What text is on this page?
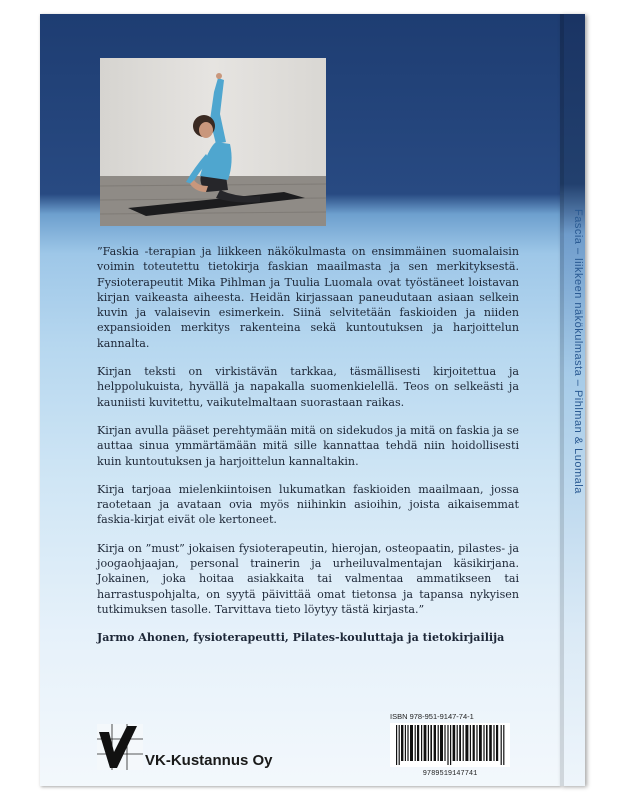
Fascia – liikkeen näkökulmasta – Pihlman & Luomala

”Faskia -terapian ja liikkeen näkökulmasta on ensimmäinen suomalaisin voimin toteutettu tietokirja faskian maailmasta ja sen merkityksestä. Fysioterapeutit Mika Pihlman ja Tuulia Luomala ovat työstäneet loistavan kirjan vaikeasta aiheesta. Heidän kirjassaan paneudutaan asiaan selkein kuvin ja valaisevin esimerkein. Siinä selvitetään faskioiden ja niiden expansioiden merkitys rakenteina sekä kuntoutuksen ja harjoittelun kannalta.

Kirjan teksti on virkistävän tarkkaa, täsmällisesti kirjoitettua ja helppolukuista, hyvällä ja napakalla suomenkielellä. Teos on selkeästi ja kauniisti kuvitettu, vaikutelmaltaan suorastaan raikas.

Kirjan avulla pääset perehtymään mitä on sidekudos ja mitä on faskia ja se auttaa sinua ymmärtämään mitä sille kannattaa tehdä niin hoidollisesti kuin kuntoutuksen ja harjoittelun kannaltakin.

Kirja tarjoaa mielenkiintoisen lukumatkan faskioiden maailmaan, jossa raotetaan ja avataan ovia myös niihinkin asioihin, joista aikaisemmat faskia-kirjat eivät ole kertoneet.

Kirja on ”must” jokaisen fysioterapeutin, hierojan, osteopaatin, pilastes- ja joogaohjaajan, personal trainerin ja urheiluvalmentajan käsikirjana. Jokainen, joka hoitaa asiakkaita tai valmentaa ammatikseen tai harrastuspohjalta, on syytä päivittää omat tietonsa ja tapansa nykyisen tutkimuksen tasolle. Tarvittava tieto löytyy tästä kirjasta.”

Jarmo Ahonen, fysioterapeutti, Pilates-kouluttaja ja tietokirjailija

ISBN 978-951-9147-74-1
9789519147741
VK-Kustannus Oy
